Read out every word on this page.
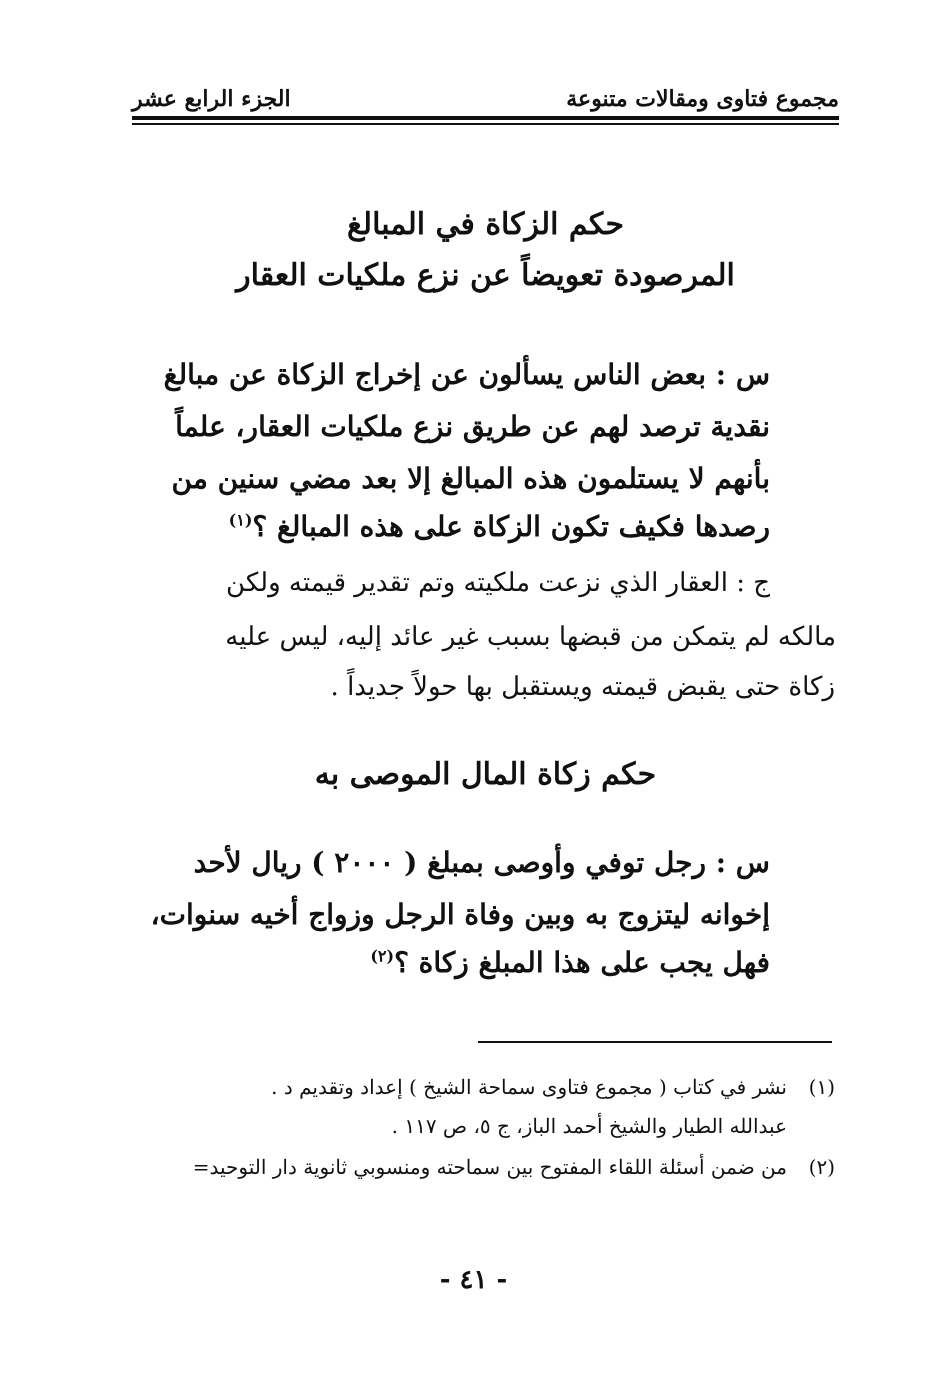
مجموع فتاوى ومقالات متنوعة
الجزء الرابع عشر
حكم الزكاة في المبالغ
المرصودة تعويضاً عن نزع ملكيات العقار
س : بعض الناس يسألون عن إخراج الزكاة عن مبالغ
نقدية ترصد لهم عن طريق نزع ملكيات العقار، علماً
بأنهم لا يستلمون هذه المبالغ إلا بعد مضي سنين من
رصدها فكيف تكون الزكاة على هذه المبالغ ؟$^{(١)}$
ج : العقار الذي نزعت ملكيته وتم تقدير قيمته ولكن
مالكه لم يتمكن من قبضها بسبب غير عائد إليه، ليس عليه
زكاة حتى يقبض قيمته ويستقبل بها حولاً جديداً .
حكم زكاة المال الموصى به
س : رجل توفي وأوصى بمبلغ ( ٢٠٠٠ ) ريال لأحد
إخوانه ليتزوج به وبين وفاة الرجل وزواج أخيه سنوات،
فهل يجب على هذا المبلغ زكاة ؟$^{(٢)}$
(١)
نشر في كتاب ( مجموع فتاوى سماحة الشيخ ) إعداد وتقديم د .
عبدالله الطيار والشيخ أحمد الباز، ج ٥، ص ١١٧ .
(٢)
من ضمن أسئلة اللقاء المفتوح بين سماحته ومنسوبي ثانوية دار التوحيد=
- ٤١ -
